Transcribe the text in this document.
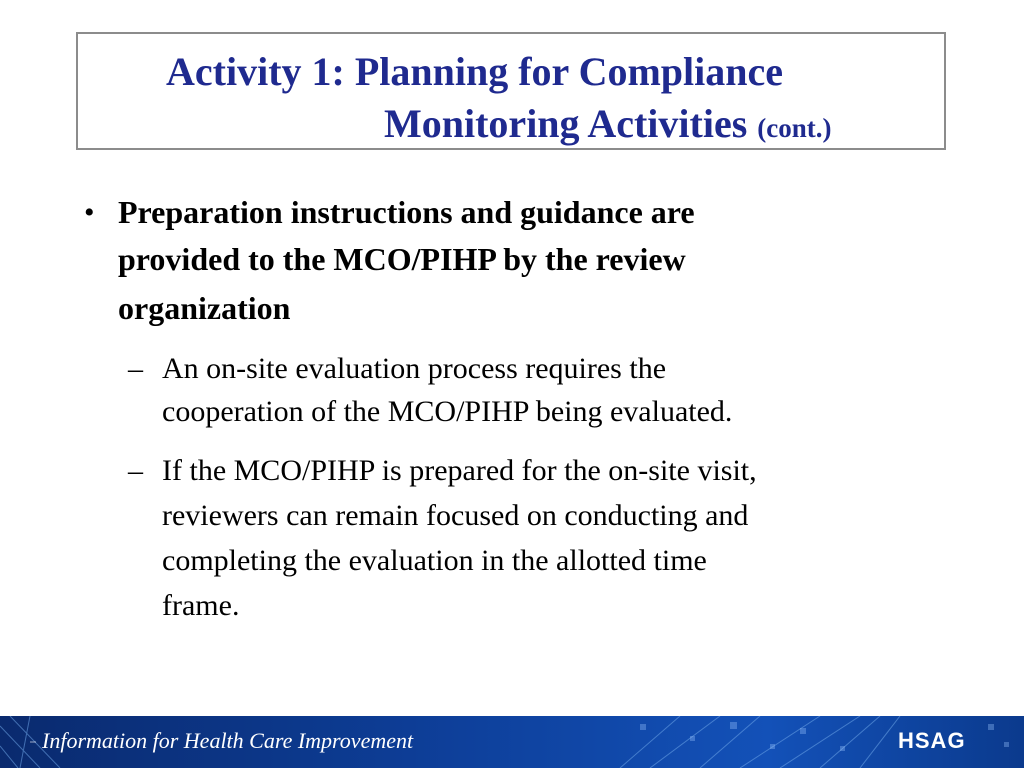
Activity 1: Planning for Compliance
Monitoring Activities (cont.)
• Preparation instructions and guidance are
provided to the MCO/PIHP by the review
organization
– An on-site evaluation process requires the
cooperation of the MCO/PIHP being evaluated.
– If the MCO/PIHP is prepared for the on-site visit,
reviewers can remain focused on conducting and
completing the evaluation in the allotted time
frame.
Information for Health Care Improvement	HSAG
